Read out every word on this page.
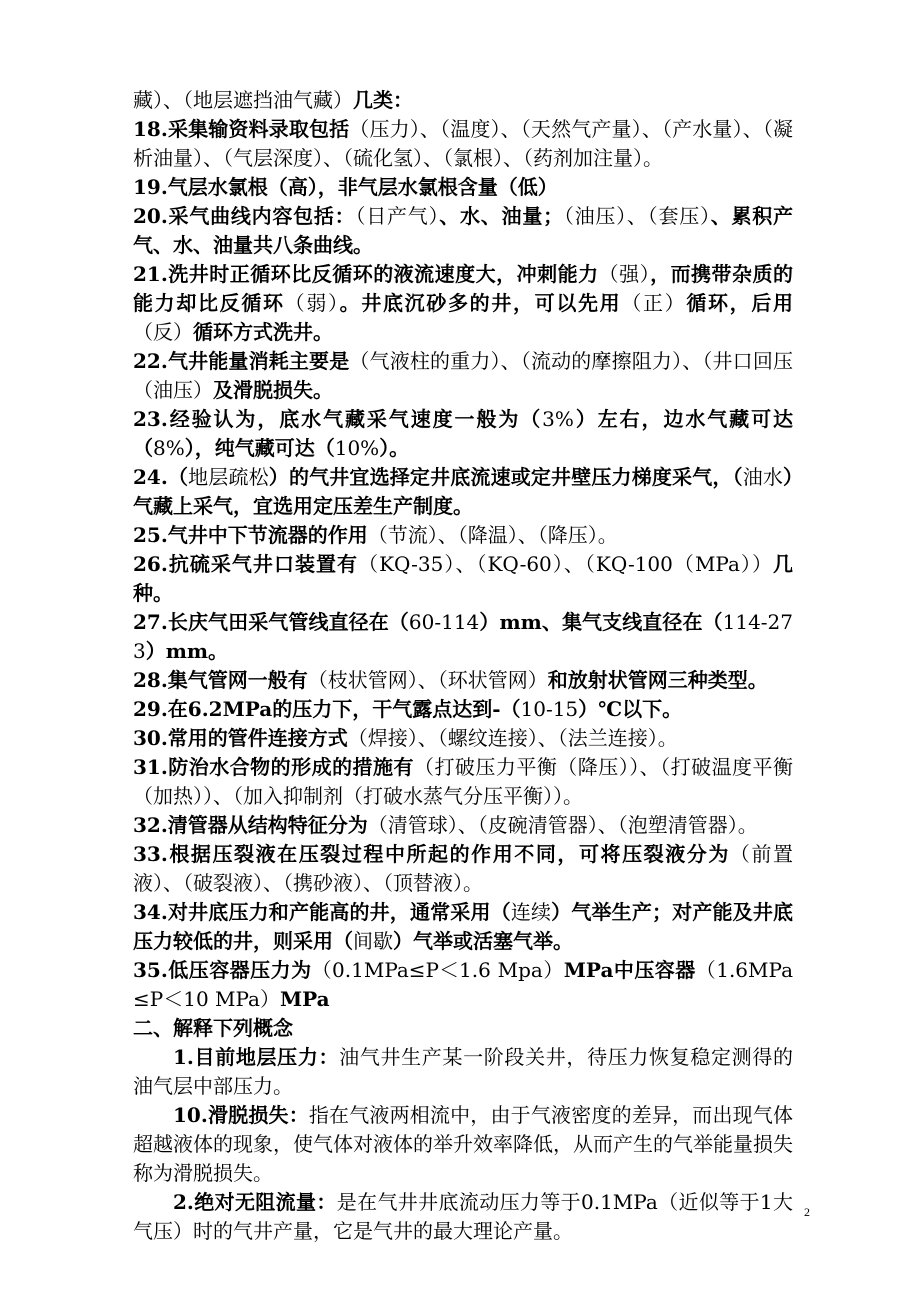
藏）、（地层遮挡油气藏）几类：

18.采集输资料录取包括（压力）、（温度）、（天然气产量）、（产水量）、（凝析油量）、（气层深度）、（硫化氢）、（氯根）、（药剂加注量）。

19.气层水氯根（高），非气层水氯根含量（低）

20.采气曲线内容包括：（日产气）、水、油量；（油压）、（套压）、累积产气、水、油量共八条曲线。

21.洗井时正循环比反循环的液流速度大，冲刺能力（强），而携带杂质的能力却比反循环（弱）。井底沉砂多的井，可以先用（正）循环，后用（反）循环方式洗井。

22.气井能量消耗主要是（气液柱的重力）、（流动的摩擦阻力）、（井口回压（油压）及滑脱损失。

23.经验认为，底水气藏采气速度一般为（3%）左右，边水气藏可达（8%），纯气藏可达（10%）。

24.（地层疏松）的气井宜选择定井底流速或定井壁压力梯度采气，（油水）气藏上采气，宜选用定压差生产制度。

25.气井中下节流器的作用（节流）、（降温）、（降压）。

26.抗硫采气井口装置有（KQ-35）、（KQ-60）、（KQ-100（MPa））几种。

27.长庆气田采气管线直径在（60-114）mm、集气支线直径在（114-273）mm。

28.集气管网一般有（枝状管网）、（环状管网）和放射状管网三种类型。

29.在6.2MPa的压力下，干气露点达到-（10-15）℃以下。

30.常用的管件连接方式（焊接）、（螺纹连接）、（法兰连接）。

31.防治水合物的形成的措施有（打破压力平衡（降压））、（打破温度平衡（加热））、（加入抑制剂（打破水蒸气分压平衡））。

32.清管器从结构特征分为（清管球）、（皮碗清管器）、（泡塑清管器）。

33.根据压裂液在压裂过程中所起的作用不同，可将压裂液分为（前置液）、（破裂液）、（携砂液）、（顶替液）。

34.对井底压力和产能高的井，通常采用（连续）气举生产；对产能及井底压力较低的井，则采用（间歇）气举或活塞气举。

35.低压容器压力为（0.1MPa≤P＜1.6 Mpa）MPa中压容器（1.6MPa≤P＜10 MPa）MPa

二、解释下列概念

1.目前地层压力：油气井生产某一阶段关井，待压力恢复稳定测得的油气层中部压力。

10.滑脱损失：指在气液两相流中，由于气液密度的差异，而出现气体超越液体的现象，使气体对液体的举升效率降低，从而产生的气举能量损失称为滑脱损失。

2.绝对无阻流量：是在气井井底流动压力等于0.1MPa（近似等于1大气压）时的气井产量，它是气井的最大理论产量。

2
